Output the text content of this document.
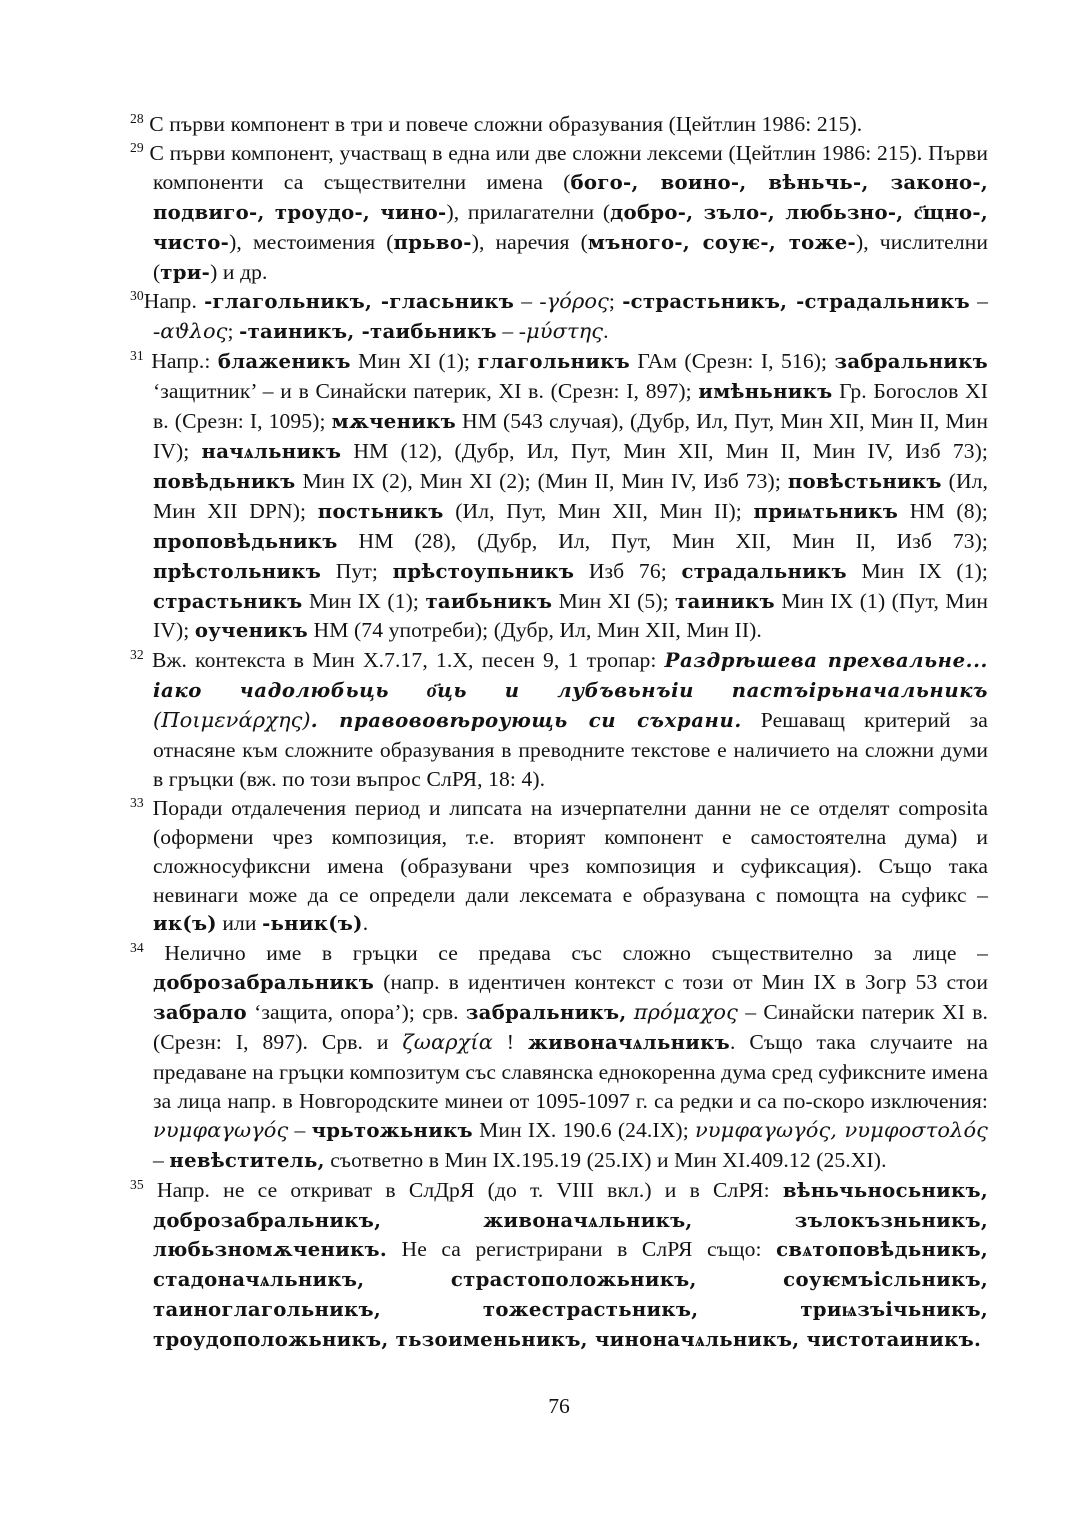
$^{28}$ С първи компонент в три и повече сложни образувания (Цейтлин 1986: 215).

$^{29}$ С първи компонент, участващ в една или две сложни лексеми (Цейтлин 1986: 215). Първи компоненти са съществителни имена (бого-, воино-, вѣньчь-, законо-, подвиго-, троудо-, чино-), прилагателни (добро-, зъло-, любьзно-, с҃щно-, чисто-), местоимения (прьво-), наречия (мъного-, соуѥ-, тоже-), числителни (три-) и др.

$^{30}$Напр. -глагольникъ, -гласьникъ – -γόρος; -страстьникъ, -страдальникъ – -αϑλος; -таиникъ, -таибьникъ – -μύστης.

$^{31}$ Напр.: блаженикъ Мин XI (1); глагольникъ ГАм (Срезн: I, 516); забральникъ ‘защитник’ – и в Синайски патерик, XI в. (Срезн: I, 897); имѣньникъ Гр. Богослов XI в. (Срезн: I, 1095); мѫченикъ НМ (543 случая), (Дубр, Ил, Пут, Мин XII, Мин II, Мин IV); начѧльникъ НМ (12), (Дубр, Ил, Пут, Мин XII, Мин II, Мин IV, Изб 73); повѣдьникъ Мин IX (2), Мин XI (2); (Мин II, Мин IV, Изб 73); повѣстьникъ (Ил, Мин XII DPN); постьникъ (Ил, Пут, Мин XII, Мин II); приѩтьникъ НМ (8); проповѣдьникъ НМ (28), (Дубр, Ил, Пут, Мин XII, Мин II, Изб 73); прѣстольникъ Пут; прѣстоупьникъ Изб 76; страдальникъ Мин IX (1); страстьникъ Мин IX (1); таибьникъ Мин XI (5); таиникъ Мин IX (1) (Пут, Мин IV); оученикъ НМ (74 употреби); (Дубр, Ил, Мин XII, Мин II).

$^{32}$ Вж. контекста в Мин X.7.17, 1.X, песен 9, 1 тропар: Раздрѣшева прехвальне... іако чадолюбьць о҃ць и лубъвьнъіи пастъірьначальникъ (Ποιμενάρχης). правововѣроующь си съхрани. Решаващ критерий за отнасяне към сложните образувания в преводните текстове е наличието на сложни думи в гръцки (вж. по този въпрос СлРЯ, 18: 4).

$^{33}$ Поради отдалечения период и липсата на изчерпателни данни не се отделят composita (оформени чрез композиция, т.е. вторият компонент е самостоятелна дума) и сложносуфиксни имена (образувани чрез композиция и суфиксация). Също така невинаги може да се определи дали лексемата е образувана с помощта на суфикс – ик(ъ) или -ьник(ъ).

$^{34}$ Нелично име в гръцки се предава със сложно съществително за лице – доброзабральникъ (напр. в идентичен контекст с този от Мин IX в Зогр 53 стои забрало ‘защита, опора’); срв. забральникъ, πρόμαχος – Синайски патерик XI в. (Срезн: I, 897). Срв. и ζωαρχία ! живоначѧльникъ. Също така случаите на предаване на гръцки композитум със славянска еднокоренна дума сред суфиксните имена за лица напр. в Новгородските минеи от 1095-1097 г. са редки и са по-скоро изключения: νυμφαγωγός – чрьтожьникъ Мин IX. 190.6 (24.IX); νυμφαγωγός, νυμφοστολός – невѣститель, съответно в Мин IX.195.19 (25.IX) и Мин XI.409.12 (25.XI).

$^{35}$ Напр. не се откриват в СлДрЯ (до т. VIII вкл.) и в СлРЯ: вѣньчьносьникъ, доброзабральникъ, живоначѧльникъ, зълокъзньникъ, любьзномѫченикъ. Не са регистрирани в СлРЯ също: свѧтоповѣдьникъ, стадоначѧльникъ, страстоположьникъ, соуѥмъісльникъ, таиноглагольникъ, тожестрастьникъ, триѩзъічьникъ, троудоположьникъ, тьзоименьникъ, чиноначѧльникъ, чистотаиникъ.

76
